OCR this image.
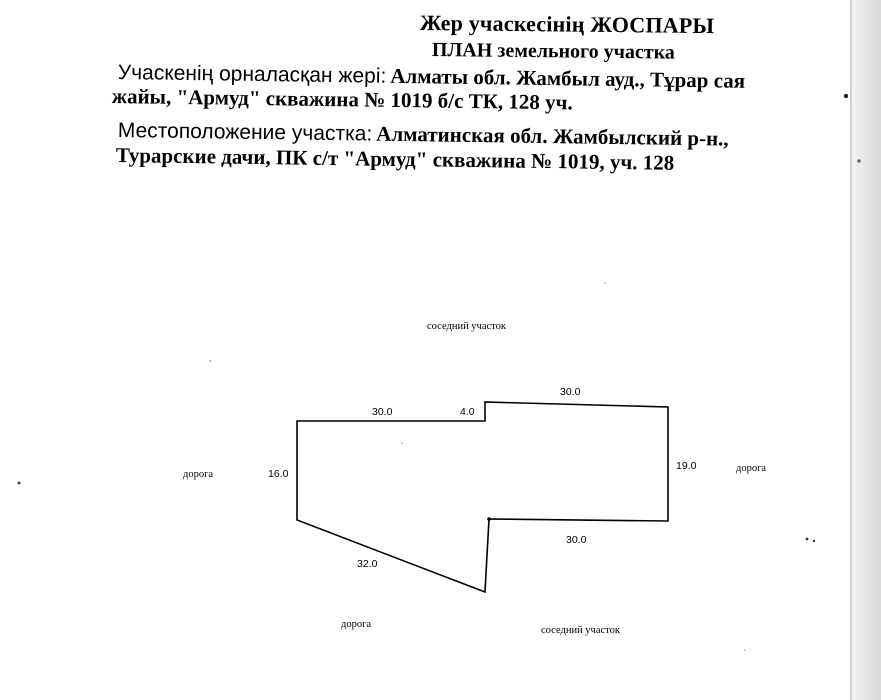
Жер учаскесінің ЖОСПАРЫ
ПЛАН земельного участка
Учаскенің орналасқан жері: Алматы обл. Жамбыл ауд., Тұрар сая
жайы, "Армуд" скважина № 1019 б/с ТК, 128 уч.
Местоположение участка: Алматинская обл. Жамбылский р-н.,
Турарские дачи, ПК с/т "Армуд" скважина № 1019, уч. 128
соседний участок
соседний участок
дорога
дорога
дорога
30.0	4.0
30.0
16.0
19.0
30.0
32.0
